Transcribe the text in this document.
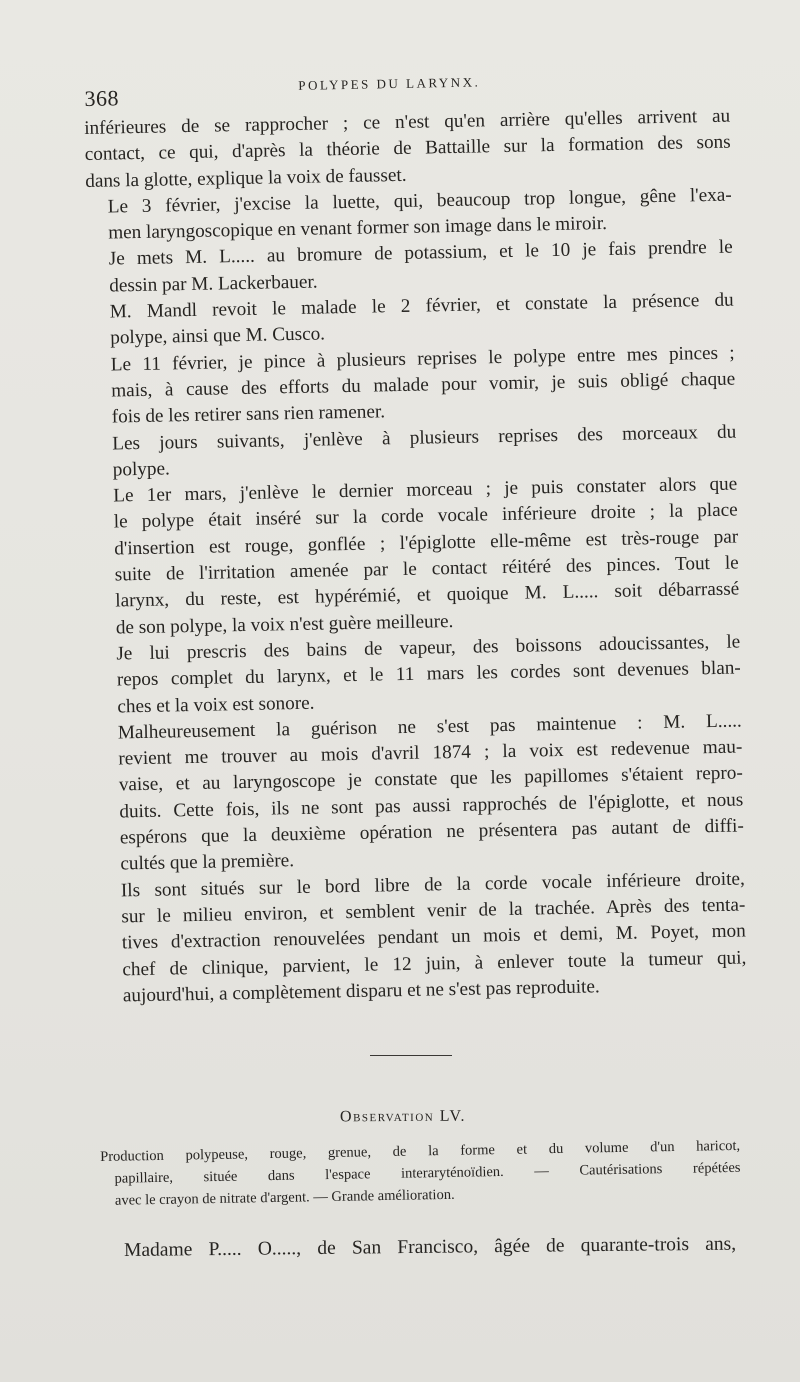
368
POLYPES DU LARYNX.

inférieures de se rapprocher ; ce n'est qu'en arrière qu'elles arrivent au
contact, ce qui, d'après la théorie de Battaille sur la formation des sons
dans la glotte, explique la voix de fausset.

Le 3 février, j'excise la luette, qui, beaucoup trop longue, gêne l'exa-
men laryngoscopique en venant former son image dans le miroir.

Je mets M. L..... au bromure de potassium, et le 10 je fais prendre le
dessin par M. Lackerbauer.

M. Mandl revoit le malade le 2 février, et constate la présence du
polype, ainsi que M. Cusco.

Le 11 février, je pince à plusieurs reprises le polype entre mes pinces ;
mais, à cause des efforts du malade pour vomir, je suis obligé chaque
fois de les retirer sans rien ramener.

Les jours suivants, j'enlève à plusieurs reprises des morceaux du
polype.

Le 1er mars, j'enlève le dernier morceau ; je puis constater alors que
le polype était inséré sur la corde vocale inférieure droite ; la place
d'insertion est rouge, gonflée ; l'épiglotte elle-même est très-rouge par
suite de l'irritation amenée par le contact réitéré des pinces. Tout le
larynx, du reste, est hypérémié, et quoique M. L..... soit débarrassé
de son polype, la voix n'est guère meilleure.

Je lui prescris des bains de vapeur, des boissons adoucissantes, le
repos complet du larynx, et le 11 mars les cordes sont devenues blan-
ches et la voix est sonore.

Malheureusement la guérison ne s'est pas maintenue : M. L.....
revient me trouver au mois d'avril 1874 ; la voix est redevenue mau-
vaise, et au laryngoscope je constate que les papillomes s'étaient repro-
duits. Cette fois, ils ne sont pas aussi rapprochés de l'épiglotte, et nous
espérons que la deuxième opération ne présentera pas autant de diffi-
cultés que la première.

Ils sont situés sur le bord libre de la corde vocale inférieure droite,
sur le milieu environ, et semblent venir de la trachée. Après des tenta-
tives d'extraction renouvelées pendant un mois et demi, M. Poyet, mon
chef de clinique, parvient, le 12 juin, à enlever toute la tumeur qui,
aujourd'hui, a complètement disparu et ne s'est pas reproduite.

Observation LV.
Production polypeuse, rouge, grenue, de la forme et du volume d'un haricot,
papillaire, située dans l'espace interaryténoïdien. — Cautérisations répétées
avec le crayon de nitrate d'argent. — Grande amélioration.
Madame P..... O....., de San Francisco, âgée de quarante-trois ans,
